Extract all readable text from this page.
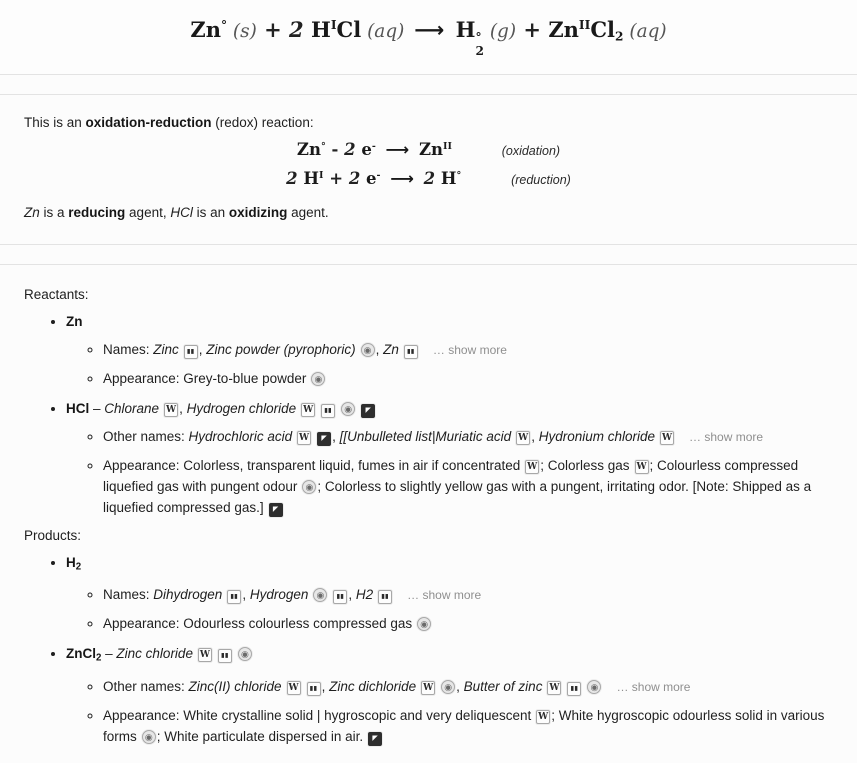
Zn° (s) + 2 $H^ICl$ (aq) ⟶ H °
2
$(g) + Zn^{II}Cl2$ (aq)

This is an oxidation-reduction (redox) reaction:

Zn° - 2 e- ⟶ $Zn^{II}$	(oxidation)
2 $H^I + 2$ e- ⟶ 2 H°	(reduction)

Zn is a reducing agent, HCl is an oxidizing agent.

Reactants:
• Zn
◦ Names: Zinc ▮▮ , Zinc powder (pyrophoric) ◉ , Zn ▮▮ … show more
◦ Appearance: Grey-to-blue powder ◉
• HCl – Chlorane W , Hydrogen chloride W ▮▮ ◉ ◤
◦ Other names: Hydrochloric acid W ◤ , [[Unbulleted list|Muriatic acid W , Hydronium chloride W … show more
◦ Appearance: Colorless, transparent liquid, fumes in air if concentrated W ; Colorless gas W ; Colourless compressed liquefied gas with pungent odour ◉ ; Colorless to slightly yellow gas with a pungent, irritating odor. [Note: Shipped as a liquefied compressed gas.] ◤
Products:
• H2
◦ Names: Dihydrogen ▮▮ , Hydrogen ◉ ▮▮ , H2 ▮▮ … show more
◦ Appearance: Odourless colourless compressed gas ◉
• ZnCl2 – Zinc chloride W ▮▮ ◉
◦ Other names: Zinc(II) chloride W ▮▮ , Zinc dichloride W ◉ , Butter of zinc W ▮▮ ◉ … show more
◦ Appearance: White crystalline solid | hygroscopic and very deliquescent W ; White hygroscopic odourless solid in various forms ◉ ; White particulate dispersed in air. ◤
